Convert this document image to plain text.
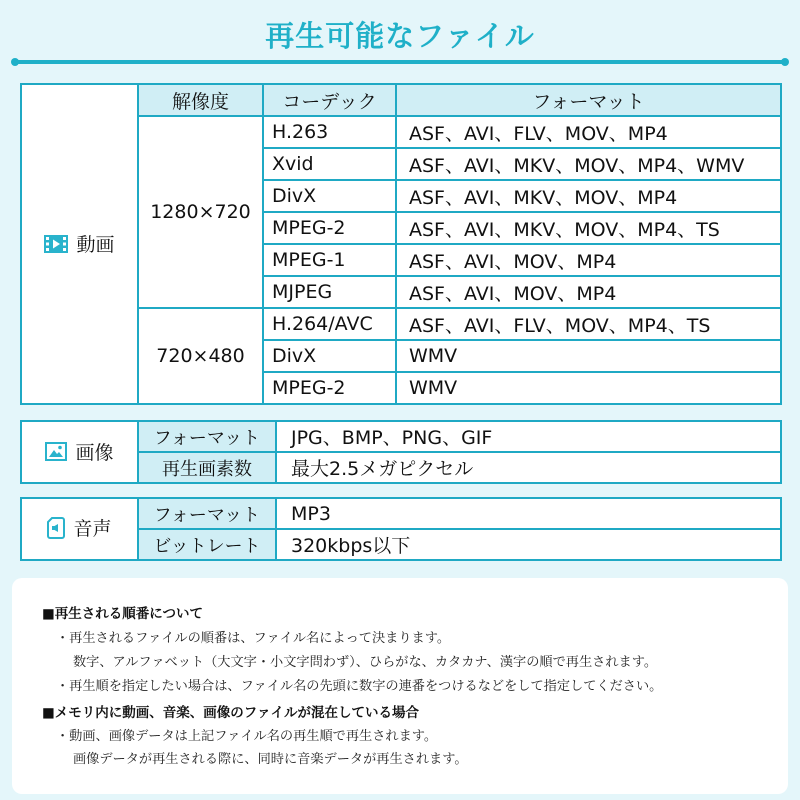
再生可能なファイル
動画	解像度	コーデック	フォーマット
	1280×720	H.263	ASF、AVI、FLV、MOV、MP4
		Xvid	ASF、AVI、MKV、MOV、MP4、WMV
		DivX	ASF、AVI、MKV、MOV、MP4
		MPEG-2	ASF、AVI、MKV、MOV、MP4、TS
		MPEG-1	ASF、AVI、MOV、MP4
		MJPEG	ASF、AVI、MOV、MP4
	720×480	H.264/AVC	ASF、AVI、FLV、MOV、MP4、TS
		DivX	WMV
		MPEG-2	WMV
画像	フォーマット	JPG、BMP、PNG、GIF
	再生画素数	最大2.5メガピクセル
音声	フォーマット	MP3
	ビットレート	320kbps以下
■再生される順番について
・再生されるファイルの順番は、ファイル名によって決まります。
数字、アルファベット（大文字・小文字問わず）、ひらがな、カタカナ、漢字の順で再生されます。
・再生順を指定したい場合は、ファイル名の先頭に数字の連番をつけるなどをして指定してください。
■メモリ内に動画、音楽、画像のファイルが混在している場合
・動画、画像データは上記ファイル名の再生順で再生されます。
画像データが再生される際に、同時に音楽データが再生されます。
